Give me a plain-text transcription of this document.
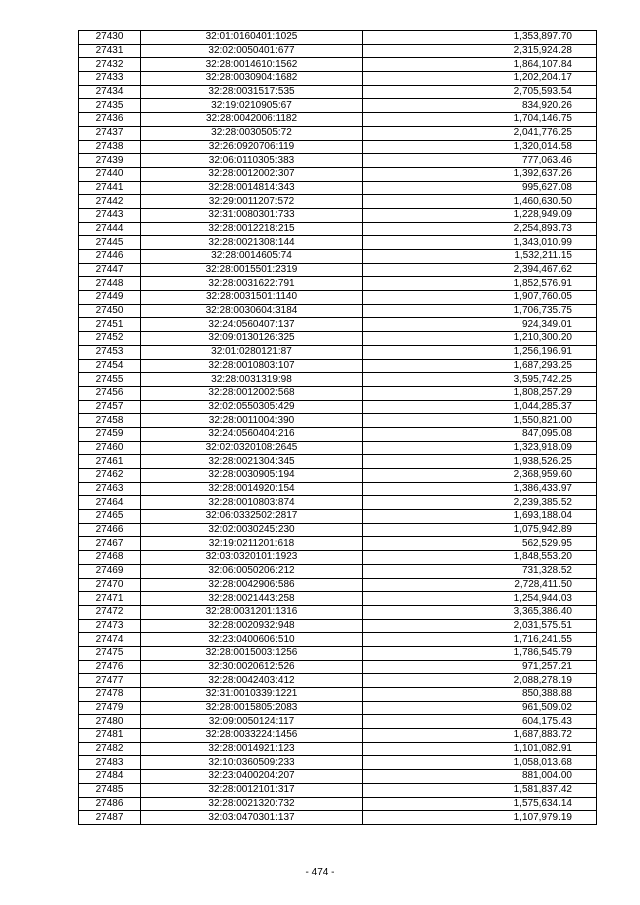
27430	32:01:0160401:1025	1,353,897.70
27431	32:02:0050401:677	2,315,924.28
27432	32:28:0014610:1562	1,864,107.84
27433	32:28:0030904:1682	1,202,204.17
27434	32:28:0031517:535	2,705,593.54
27435	32:19:0210905:67	834,920.26
27436	32:28:0042006:1182	1,704,146.75
27437	32:28:0030505:72	2,041,776.25
27438	32:26:0920706:119	1,320,014.58
27439	32:06:0110305:383	777,063.46
27440	32:28:0012002:307	1,392,637.26
27441	32:28:0014814:343	995,627.08
27442	32:29:0011207:572	1,460,630.50
27443	32:31:0080301:733	1,228,949.09
27444	32:28:0012218:215	2,254,893.73
27445	32:28:0021308:144	1,343,010.99
27446	32:28:0014605:74	1,532,211.15
27447	32:28:0015501:2319	2,394,467.62
27448	32:28:0031622:791	1,852,576.91
27449	32:28:0031501:1140	1,907,760.05
27450	32:28:0030604:3184	1,706,735.75
27451	32:24:0560407:137	924,349.01
27452	32:09:0130126:325	1,210,300.20
27453	32:01:0280121:87	1,256,196.91
27454	32:28:0010803:107	1,687,293.25
27455	32:28:0031319:98	3,595,742.25
27456	32:28:0012002:568	1,808,257.29
27457	32:02:0550305:429	1,044,285.37
27458	32:28:0011004:390	1,550,821.00
27459	32:24:0560404:216	847,095.08
27460	32:02:0320108:2645	1,323,918.09
27461	32:28:0021304:345	1,938,526.25
27462	32:28:0030905:194	2,368,959.60
27463	32:28:0014920:154	1,386,433.97
27464	32:28:0010803:874	2,239,385.52
27465	32:06:0332502:2817	1,693,188.04
27466	32:02:0030245:230	1,075,942.89
27467	32:19:0211201:618	562,529.95
27468	32:03:0320101:1923	1,848,553.20
27469	32:06:0050206:212	731,328.52
27470	32:28:0042906:586	2,728,411.50
27471	32:28:0021443:258	1,254,944.03
27472	32:28:0031201:1316	3,365,386.40
27473	32:28:0020932:948	2,031,575.51
27474	32:23:0400606:510	1,716,241.55
27475	32:28:0015003:1256	1,786,545.79
27476	32:30:0020612:526	971,257.21
27477	32:28:0042403:412	2,088,278.19
27478	32:31:0010339:1221	850,388.88
27479	32:28:0015805:2083	961,509.02
27480	32:09:0050124:117	604,175.43
27481	32:28:0033224:1456	1,687,883.72
27482	32:28:0014921:123	1,101,082.91
27483	32:10:0360509:233	1,058,013.68
27484	32:23:0400204:207	881,004.00
27485	32:28:0012101:317	1,581,837.42
27486	32:28:0021320:732	1,575,634.14
27487	32:03:0470301:137	1,107,979.19
- 474 -
